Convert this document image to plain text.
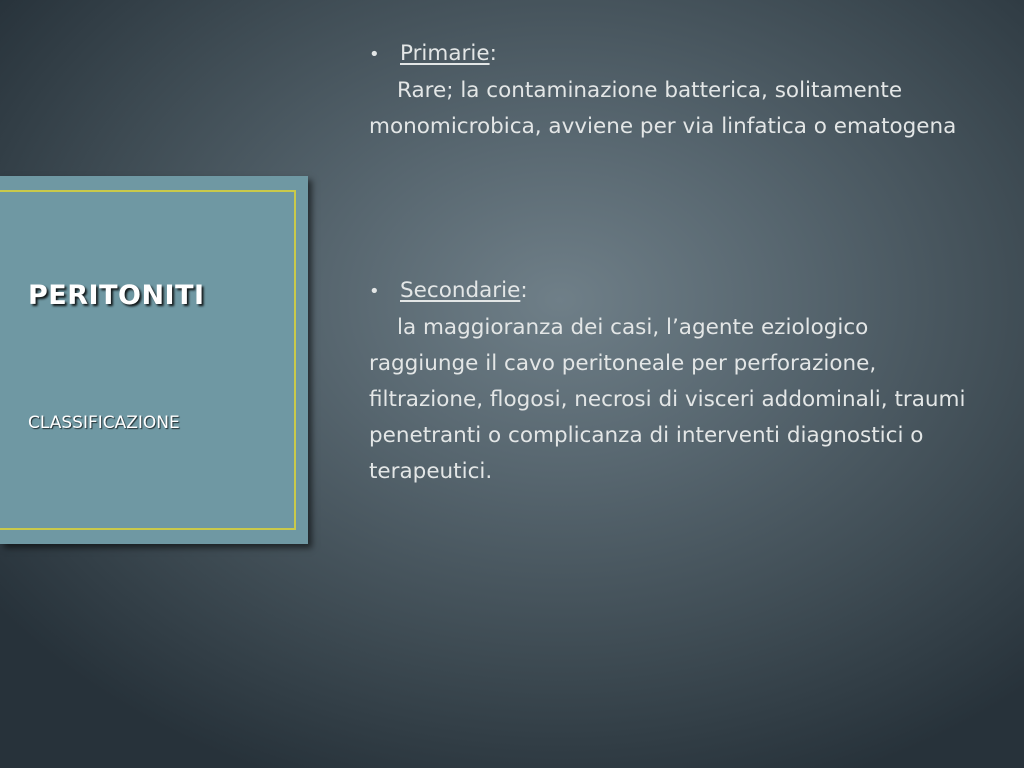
PERITONITI
CLASSIFICAZIONE
• Primarie:

Rare; la contaminazione batterica, solitamente monomicrobica, avviene per via linfatica o ematogena

• Secondarie:

la maggioranza dei casi, l’agente eziologico raggiunge il cavo peritoneale per perforazione, filtrazione, flogosi, necrosi di visceri addominali, traumi penetranti o complicanza di interventi diagnostici o terapeutici.
